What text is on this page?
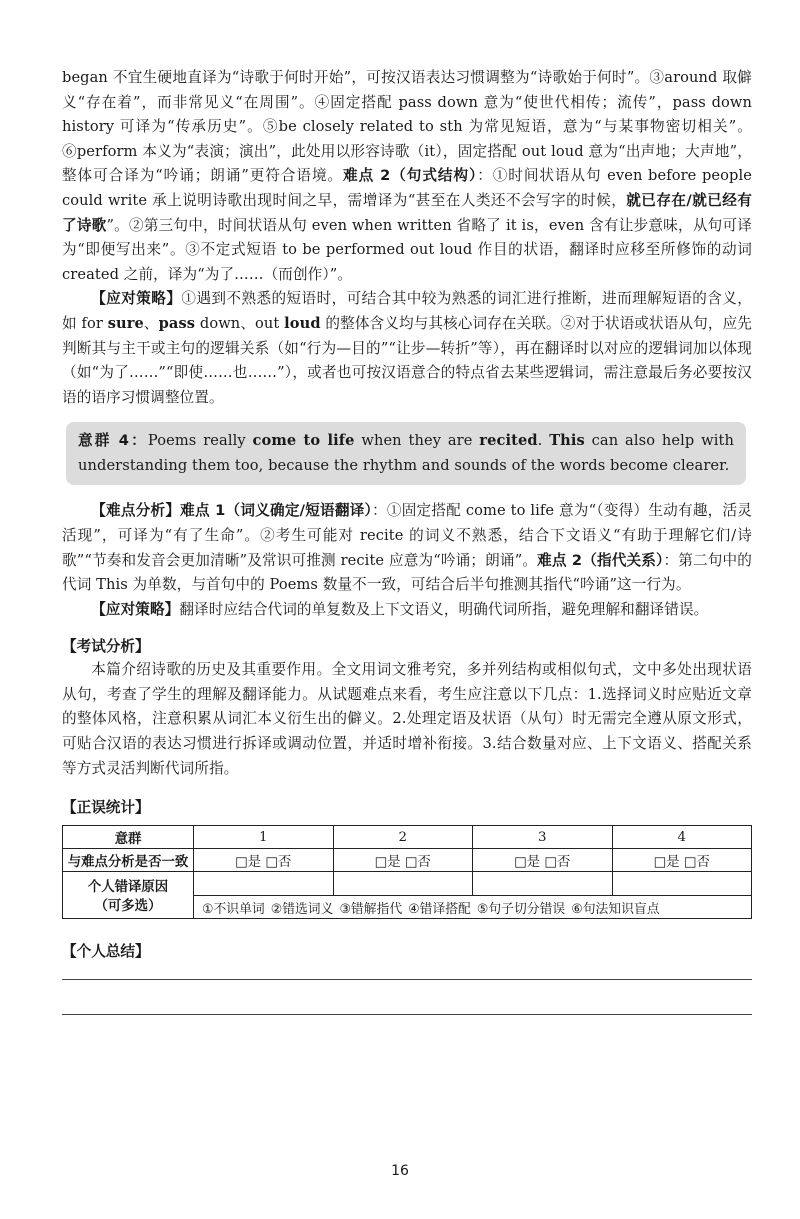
began 不宜生硬地直译为“诗歌于何时开始”，可按汉语表达习惯调整为“诗歌始于何时”。③around 取僻义“存在着”，而非常见义“在周围”。④固定搭配 pass down 意为“使世代相传；流传”，pass down history 可译为“传承历史”。⑤be closely related to sth 为常见短语，意为“与某事物密切相关”。⑥perform 本义为“表演；演出”，此处用以形容诗歌（it），固定搭配 out loud 意为“出声地；大声地”，整体可合译为“吟诵；朗诵”更符合语境。难点 2（句式结构）：①时间状语从句 even before people could write 承上说明诗歌出现时间之早，需增译为“甚至在人类还不会写字的时候，就已存在/就已经有了诗歌”。②第三句中，时间状语从句 even when written 省略了 it is，even 含有让步意味，从句可译为“即便写出来”。③不定式短语 to be performed out loud 作目的状语，翻译时应移至所修饰的动词 created 之前，译为“为了……（而创作）”。

【应对策略】①遇到不熟悉的短语时，可结合其中较为熟悉的词汇进行推断，进而理解短语的含义，如 for sure、pass down、out loud 的整体含义均与其核心词存在关联。②对于状语或状语从句，应先判断其与主干或主句的逻辑关系（如“行为—目的”“让步—转折”等），再在翻译时以对应的逻辑词加以体现（如“为了……”“即使……也……”），或者也可按汉语意合的特点省去某些逻辑词，需注意最后务必要按汉语的语序习惯调整位置。

意群 4：Poems really come to life when they are recited. This can also help with understanding them too, because the rhythm and sounds of the words become clearer.

【难点分析】难点 1（词义确定/短语翻译）：①固定搭配 come to life 意为“（变得）生动有趣，活灵活现”，可译为“有了生命”。②考生可能对 recite 的词义不熟悉，结合下文语义“有助于理解它们/诗歌”“节奏和发音会更加清晰”及常识可推测 recite 应意为“吟诵；朗诵”。难点 2（指代关系）：第二句中的代词 This 为单数，与首句中的 Poems 数量不一致，可结合后半句推测其指代“吟诵”这一行为。

【应对策略】翻译时应结合代词的单复数及上下文语义，明确代词所指，避免理解和翻译错误。

【考试分析】

本篇介绍诗歌的历史及其重要作用。全文用词文雅考究，多并列结构或相似句式，文中多处出现状语从句，考查了学生的理解及翻译能力。从试题难点来看，考生应注意以下几点：1.选择词义时应贴近文章的整体风格，注意积累从词汇本义衍生出的僻义。2.处理定语及状语（从句）时无需完全遵从原文形式，可贴合汉语的表达习惯进行拆译或调动位置，并适时增补衔接。3.结合数量对应、上下文语义、搭配关系等方式灵活判断代词所指。

【正误统计】
意群	1	2	3	4
与难点分析是否一致	□是 □否	□是 □否	□是 □否	□是 □否

个人错译原因
（可多选）				

	①不识单词 ②错选词义 ③错解指代 ④错译搭配 ⑤句子切分错误 ⑥句法知识盲点			
【个人总结】
16
